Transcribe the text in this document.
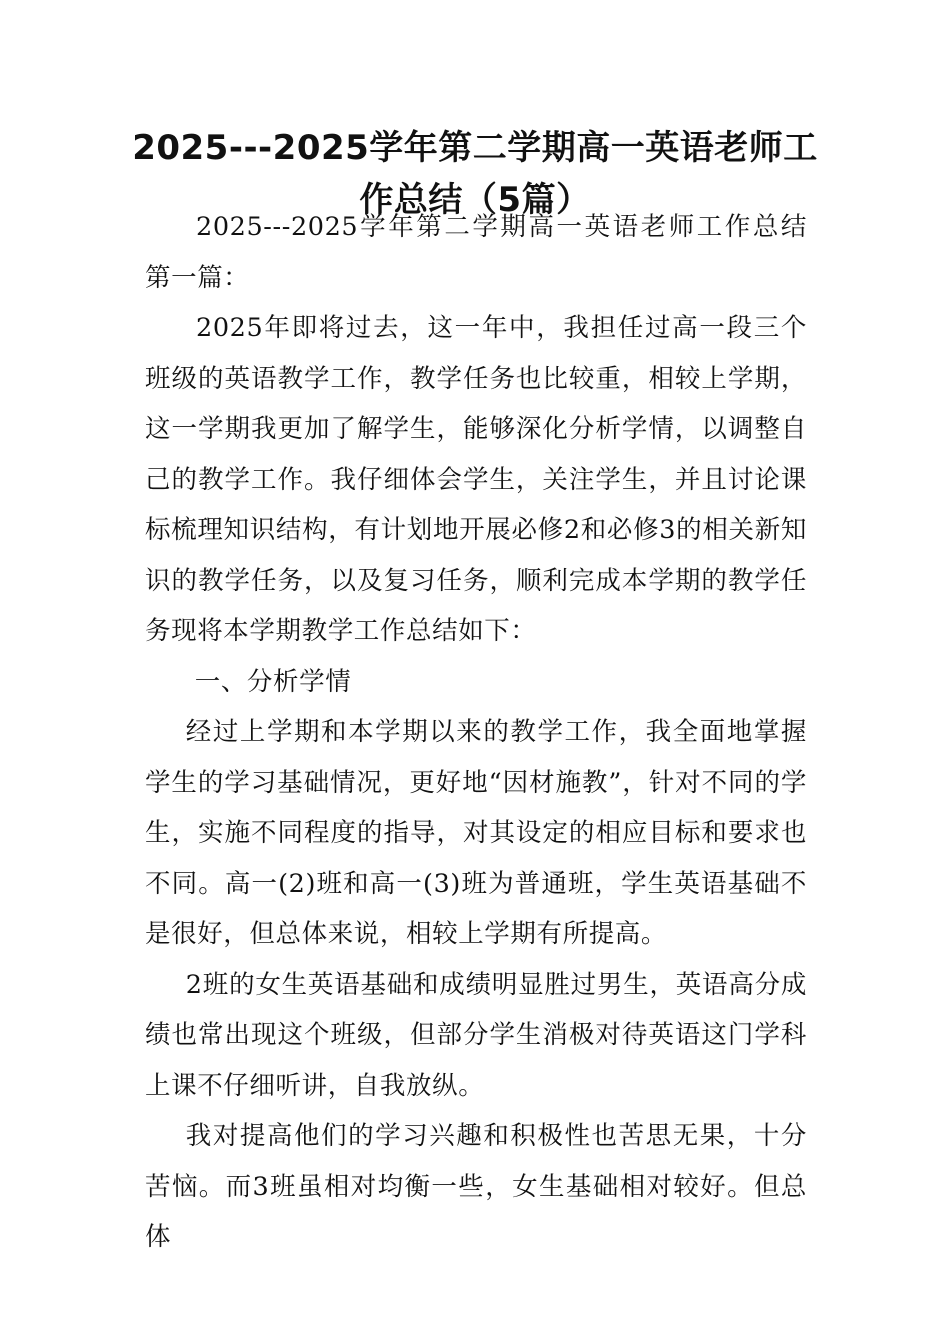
2025---2025学年第二学期高一英语老师工作总结（5篇）

2025---2025学年第二学期高一英语老师工作总结 第一篇：

2025年即将过去，这一年中，我担任过高一段三个班级的英语教学工作，教学任务也比较重，相较上学期，这一学期我更加了解学生，能够深化分析学情，以调整自己的教学工作。我仔细体会学生，关注学生，并且讨论课标梳理知识结构，有计划地开展必修2和必修3的相关新知识的教学任务，以及复习任务，顺利完成本学期的教学任务现将本学期教学工作总结如下：

一、分析学情

经过上学期和本学期以来的教学工作，我全面地掌握学生的学习基础情况，更好地“因材施教”，针对不同的学生，实施不同程度的指导，对其设定的相应目标和要求也不同。高一(2)班和高一(3)班为普通班，学生英语基础不是很好，但总体来说，相较上学期有所提高。

2班的女生英语基础和成绩明显胜过男生，英语高分成绩也常出现这个班级，但部分学生消极对待英语这门学科上课不仔细听讲，自我放纵。

我对提高他们的学习兴趣和积极性也苦思无果，十分苦恼。而3班虽相对均衡一些，女生基础相对较好。但总体
